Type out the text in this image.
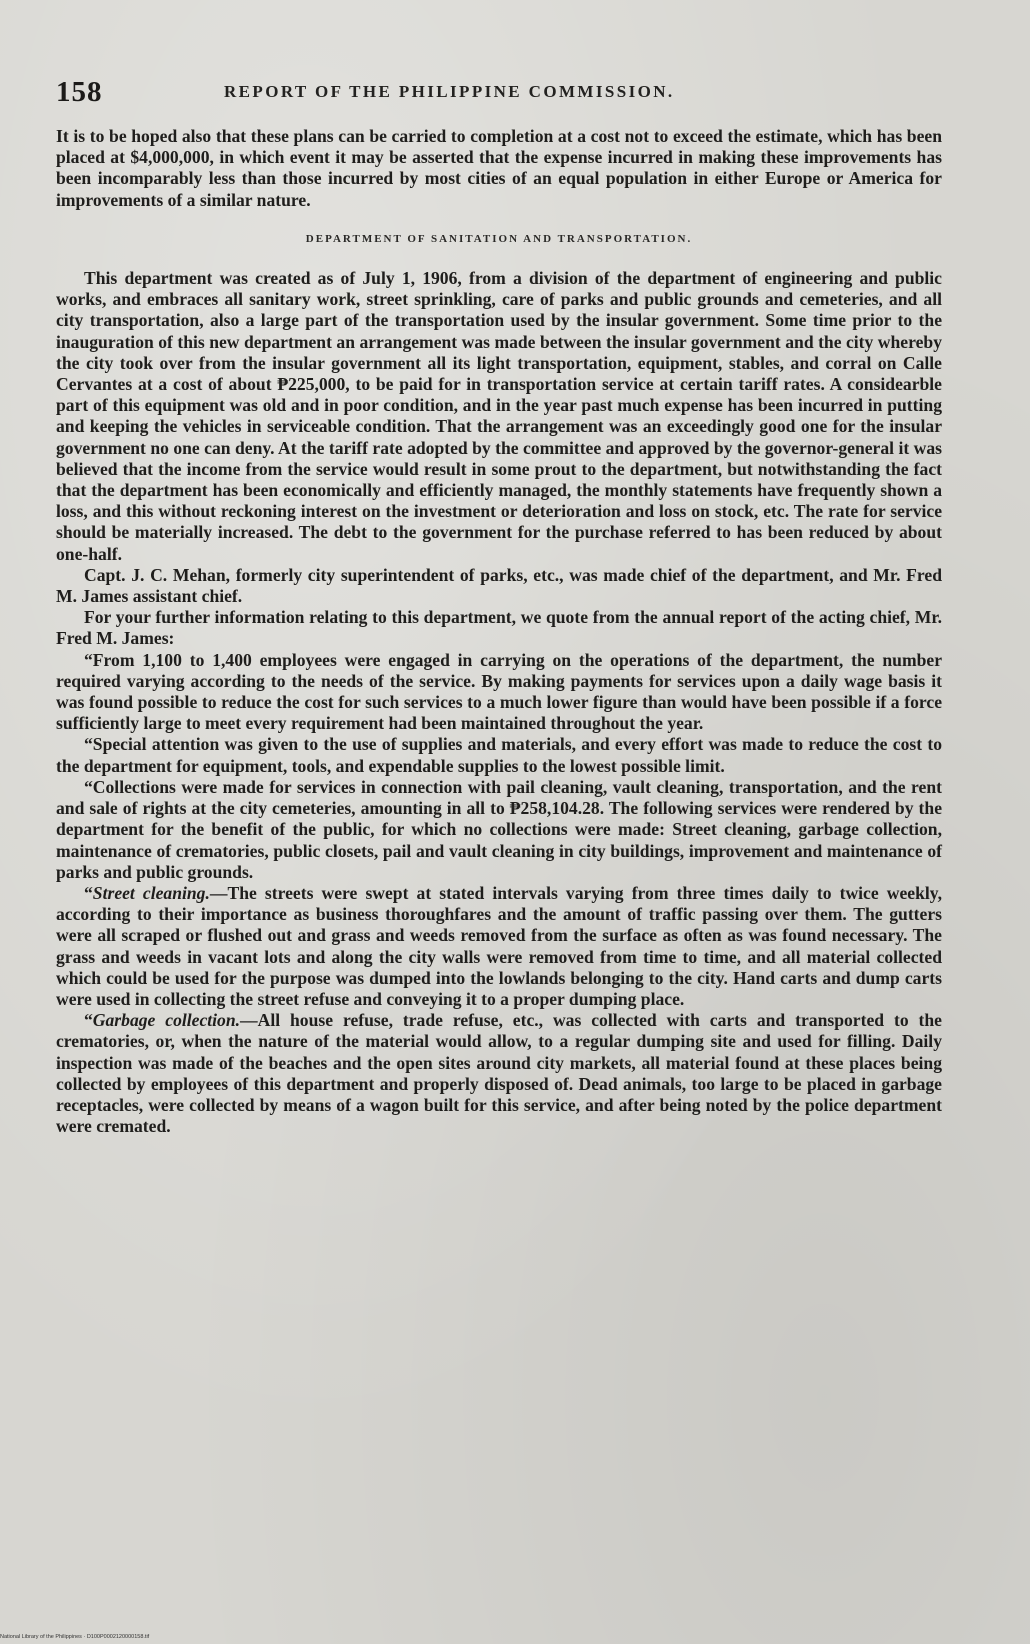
158	REPORT OF THE PHILIPPINE COMMISSION.

It is to be hoped also that these plans can be carried to completion at a cost not to exceed the estimate, which has been placed at $4,000,000, in which event it may be asserted that the expense incurred in making these improvements has been incomparably less than those incurred by most cities of an equal population in either Europe or America for improvements of a similar nature.

DEPARTMENT OF SANITATION AND TRANSPORTATION.

This department was created as of July 1, 1906, from a division of the department of engineering and public works, and embraces all sanitary work, street sprinkling, care of parks and public grounds and cemeteries, and all city transportation, also a large part of the transportation used by the insular government. Some time prior to the inauguration of this new department an arrangement was made between the insular government and the city whereby the city took over from the insular government all its light transportation, equipment, stables, and corral on Calle Cervantes at a cost of about ₱225,000, to be paid for in transportation service at certain tariff rates. A considearble part of this equipment was old and in poor condition, and in the year past much expense has been incurred in putting and keeping the vehicles in serviceable condition. That the arrangement was an exceedingly good one for the insular government no one can deny. At the tariff rate adopted by the committee and approved by the governor-general it was believed that the income from the service would result in some prout to the department, but notwithstanding the fact that the department has been economically and efficiently managed, the monthly statements have frequently shown a loss, and this without reckoning interest on the investment or deterioration and loss on stock, etc. The rate for service should be materially increased. The debt to the government for the purchase referred to has been reduced by about one-half.

Capt. J. C. Mehan, formerly city superintendent of parks, etc., was made chief of the department, and Mr. Fred M. James assistant chief.

For your further information relating to this department, we quote from the annual report of the acting chief, Mr. Fred M. James:

“From 1,100 to 1,400 employees were engaged in carrying on the operations of the department, the number required varying according to the needs of the service. By making payments for services upon a daily wage basis it was found possible to reduce the cost for such services to a much lower figure than would have been possible if a force sufficiently large to meet every requirement had been maintained throughout the year.

“Special attention was given to the use of supplies and materials, and every effort was made to reduce the cost to the department for equipment, tools, and expendable supplies to the lowest possible limit.

“Collections were made for services in connection with pail cleaning, vault cleaning, transportation, and the rent and sale of rights at the city cemeteries, amounting in all to ₱258,104.28. The following services were rendered by the department for the benefit of the public, for which no collections were made: Street cleaning, garbage collection, maintenance of crematories, public closets, pail and vault cleaning in city buildings, improvement and maintenance of parks and public grounds.

“Street cleaning.—The streets were swept at stated intervals varying from three times daily to twice weekly, according to their importance as business thoroughfares and the amount of traffic passing over them. The gutters were all scraped or flushed out and grass and weeds removed from the surface as often as was found necessary. The grass and weeds in vacant lots and along the city walls were removed from time to time, and all material collected which could be used for the purpose was dumped into the lowlands belonging to the city. Hand carts and dump carts were used in collecting the street refuse and conveying it to a proper dumping place.

“Garbage collection.—All house refuse, trade refuse, etc., was collected with carts and transported to the crematories, or, when the nature of the material would allow, to a regular dumping site and used for filling. Daily inspection was made of the beaches and the open sites around city markets, all material found at these places being collected by employees of this department and properly disposed of. Dead animals, too large to be placed in garbage receptacles, were collected by means of a wagon built for this service, and after being noted by the police department were cremated.

National Library of the Philippines · D100P0002120000158.tif
